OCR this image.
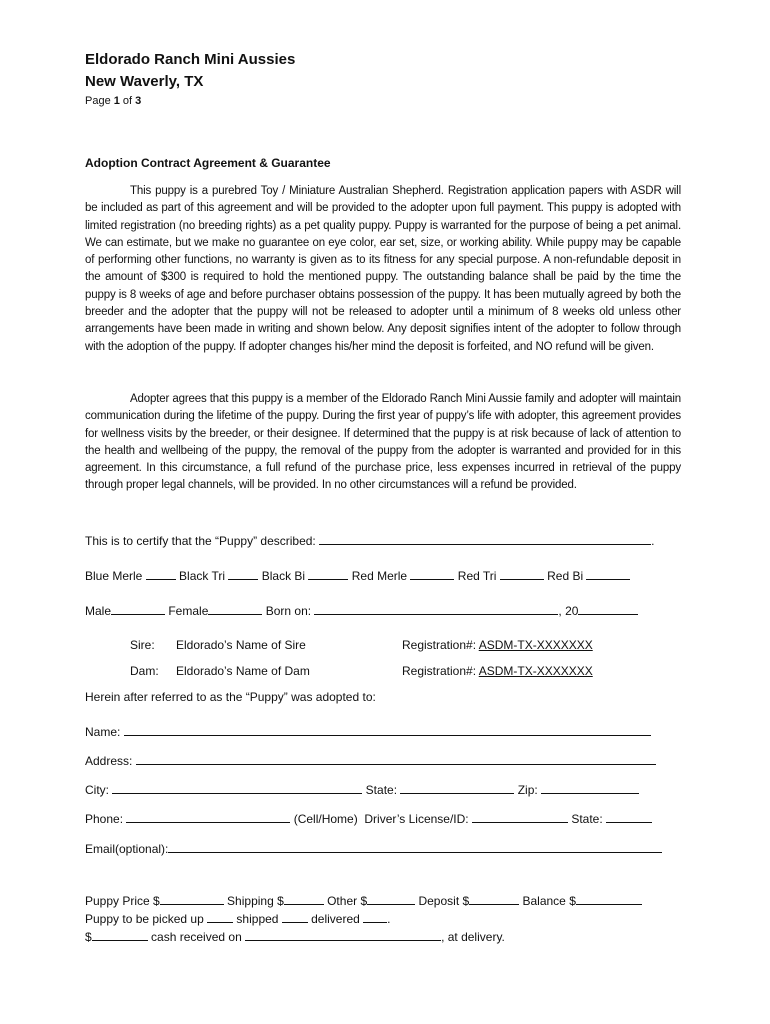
Eldorado Ranch Mini Aussies
New Waverly, TX
Page 1 of 3
Adoption Contract Agreement & Guarantee
This puppy is a purebred Toy / Miniature Australian Shepherd. Registration application papers with ASDR will be included as part of this agreement and will be provided to the adopter upon full payment. This puppy is adopted with limited registration (no breeding rights) as a pet quality puppy. Puppy is warranted for the purpose of being a pet animal. We can estimate, but we make no guarantee on eye color, ear set, size, or working ability. While puppy may be capable of performing other functions, no warranty is given as to its fitness for any special purpose. A non-refundable deposit in the amount of $300 is required to hold the mentioned puppy. The outstanding balance shall be paid by the time the puppy is 8 weeks of age and before purchaser obtains possession of the puppy. It has been mutually agreed by both the breeder and the adopter that the puppy will not be released to adopter until a minimum of 8 weeks old unless other arrangements have been made in writing and shown below. Any deposit signifies intent of the adopter to follow through with the adoption of the puppy. If adopter changes his/her mind the deposit is forfeited, and NO refund will be given.
Adopter agrees that this puppy is a member of the Eldorado Ranch Mini Aussie family and adopter will maintain communication during the lifetime of the puppy. During the first year of puppy’s life with adopter, this agreement provides for wellness visits by the breeder, or their designee. If determined that the puppy is at risk because of lack of attention to the health and wellbeing of the puppy, the removal of the puppy from the adopter is warranted and provided for in this agreement. In this circumstance, a full refund of the purchase price, less expenses incurred in retrieval of the puppy through proper legal channels, will be provided. In no other circumstances will a refund be provided.
This is to certify that the “Puppy” described:	.
Blue Merle	Black Tri	Black Bi	Red Merle	Red Tri	Red Bi
Male	Female	Born on:	, 20
Sire: Eldorado’s Name of Sire	Registration#: ASDM-TX-XXXXXXX
Dam: Eldorado’s Name of Dam	Registration#: ASDM-TX-XXXXXXX
Herein after referred to as the “Puppy” was adopted to:
Name:
Address:
City:	State:	Zip:
Phone:	(Cell/Home)  Driver’s License/ID:	State:
Email(optional):
Puppy Price $	Shipping $	Other $	Deposit $	Balance $
Puppy to be picked up  shipped  delivered .
$	cash received on	, at delivery.
